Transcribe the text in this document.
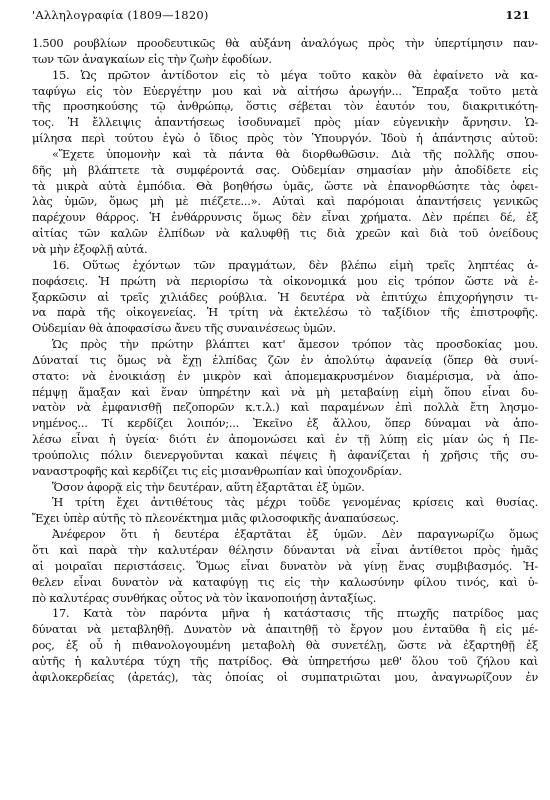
'Αλληλογραφία (1809—1820)	121
1.500 ρουβλίων προοδευτικῶς θὰ αὐξάνη ἀναλόγως πρὸς τὴν ὑπερτίμησιν παν-
των τῶν ἀναγκαίων εἰς τὴν ζωὴν ἐφοδίων.
15. Ὡς πρῶτον ἀντίδοτον εἰς τὸ μέγα τοῦτο κακὸν θὰ ἐφαίνετο νὰ κα-
ταφύγω εἰς τὸν Εὐεργέτην μου καὶ νὰ αἰτήσω ἀρωγήν... Ἔπραξα τοῦτο μετὰ
τῆς προσηκούσης τῷ ἀνθρώπῳ, ὅστις σέβεται τὸν ἑαυτόν του, διακριτικότη-
τος. Ἡ ἔλλειψις ἀπαντήσεως ἰσοδυναμεῖ πρὸς μίαν εὐγενικὴν ἄρνησιν. Ὡ-
μίλησα περὶ τούτου ἐγὼ ὁ ἴδιος πρὸς τὸν Ὑπουργόν. Ἰδοὺ ἡ ἀπάντησις αὐτοῦ:
«Ἔχετε ὑπομονὴν καὶ τὰ πάντα θὰ διορθωθῶσιν. Διὰ τῆς πολλῆς σπου-
δῆς μὴ βλάπτετε τὰ συμφέροντά σας. Οὐδεμίαν σημασίαν μὴν ἀποδίδετε εἰς
τὰ μικρὰ αὐτὰ ἐμπόδια. Θὰ βοηθήσω ὑμᾶς, ὥστε νὰ ἐπανορθώσητε τὰς ὀφει-
λὰς ὑμῶν, ὅμως μὴ μὲ πιέζετε...». Αὐταὶ καὶ παρόμοιαι ἀπαντήσεις γενικῶς
παρέχουν θάρρος. Ἡ ἐνθάρρυνσις ὅμως δὲν εἶναι χρήματα. Δὲν πρέπει δέ, ἐξ
αἰτίας τῶν καλῶν ἐλπίδων νὰ καλυφθῇ τις διὰ χρεῶν καὶ διὰ τοῦ ὀνείδους
νὰ μὴν ἐξοφλῇ αὐτά.
16. Οὕτως ἐχόντων τῶν πραγμάτων, δὲν βλέπω εἰμὴ τρεῖς ληπτέας ἀ-
ποφάσεις. Ἡ πρώτη νὰ περιορίσω τὰ οἰκονομικά μου εἰς τρόπον ὥστε νὰ ἐ-
ξαρκῶσιν αἱ τρεῖς χιλιάδες ρούβλια. Ἡ δευτέρα νὰ ἐπιτύχω ἐπιχορήγησιν τι-
να παρὰ τῆς οἰκογενείας. Ἡ τρίτη νὰ ἐκτελέσω τὸ ταξίδιον τῆς ἐπιστροφῆς.
Οὐδεμίαν θὰ ἀποφασίσω ἄνευ τῆς συναινέσεως ὑμῶν.
Ὡς πρὸς τὴν πρώτην βλάπτει κατ' ἄμεσον τρόπον τὰς προσδοκίας μου.
Δύναταί τις ὅμως νὰ ἔχῃ ἐλπίδας ζῶν ἐν ἀπολύτῳ ἀφανείᾳ (ὅπερ θὰ συνί-
στατο: νὰ ἐνοικιάσῃ ἐν μικρὸν καὶ ἀπομεμακρυσμένον διαμέρισμα, νὰ ἀπο-
πέμψῃ ἅμαξαν καὶ ἕναν ὑπηρέτην καὶ νὰ μὴ μεταβαίνῃ εἰμὴ ὅπου εἶναι δυ-
νατὸν νὰ ἐμφανισθῇ πεζοπορῶν κ.τ.λ.) καὶ παραμένων ἐπὶ πολλὰ ἔτη λησμο-
νημένος... Τί κερδίζει λοιπόν;... Ἐκεῖνο ἐξ ἄλλου, ὅπερ δύναμαι νὰ ἀπο-
λέσω εἶναι ἡ ὑγεία· διότι ἐν ἀπομονώσει καὶ ἐν τῇ λύπῃ εἰς μίαν ὡς ἡ Πε-
τρούπολις πόλιν διενεργοῦνται κακαὶ πέψεις ἢ ἀφανίζεται ἡ χρῆσις τῆς συ-
ναναστροφῆς καὶ κερδίζει τις εἰς μισανθρωπίαν καὶ ὑποχονδρίαν.
Ὅσον ἀφορᾷ εἰς τὴν δευτέραν, αὕτη ἐξαρτᾶται ἐξ ὑμῶν.
Ἡ τρίτη ἔχει ἀντιθέτους τὰς μέχρι τοῦδε γενομένας κρίσεις καὶ θυσίας.
Ἔχει ὑπὲρ αὐτῆς τὸ πλεονέκτημα μιᾶς φιλοσοφικῆς ἀναπαύσεως.
Ἀνέφερον ὅτι ἡ δευτέρα ἐξαρτᾶται ἐξ ὑμῶν. Δὲν παραγνωρίζω ὅμως
ὅτι καὶ παρὰ τὴν καλυτέραν θέλησιν δύνανται νὰ εἶναι ἀντίθετοι πρὸς ἡμᾶς
αἱ μοιραῖαι περιστάσεις. Ὅμως εἶναι δυνατὸν νὰ γίνῃ ἕνας συμβιβασμός. Ἠ-
θελεν εἶναι δυνατὸν νὰ καταφύγῃ τις εἰς τὴν καλωσύνην φίλου τινός, καὶ ὑ-
πὸ καλυτέρας συνθήκας οὗτος νὰ τὸν ἱκανοποιήσῃ ἀνταξίως.
17. Κατὰ τὸν παρόντα μῆνα ἡ κατάστασις τῆς πτωχῆς πατρίδος μας
δύναται νὰ μεταβληθῇ. Δυνατὸν νὰ ἀπαιτηθῇ τὸ ἔργον μου ἐνταῦθα ἢ εἰς μέ-
ρος, ἐξ οὗ ἡ πιθανολογουμένη μεταβολὴ θὰ συνετέλῃ, ὥστε νὰ ἐξαρτηθῇ ἐξ
αὐτῆς ἡ καλυτέρα τύχη τῆς πατρίδος. Θὰ ὑπηρετήσω μεθ' ὅλου τοῦ ζήλου καὶ
ἀφιλοκερδείας (ἀρετάς), τὰς ὁποίας οἱ συμπατριῶται μου, ἀναγνωρίζουν ἐν
